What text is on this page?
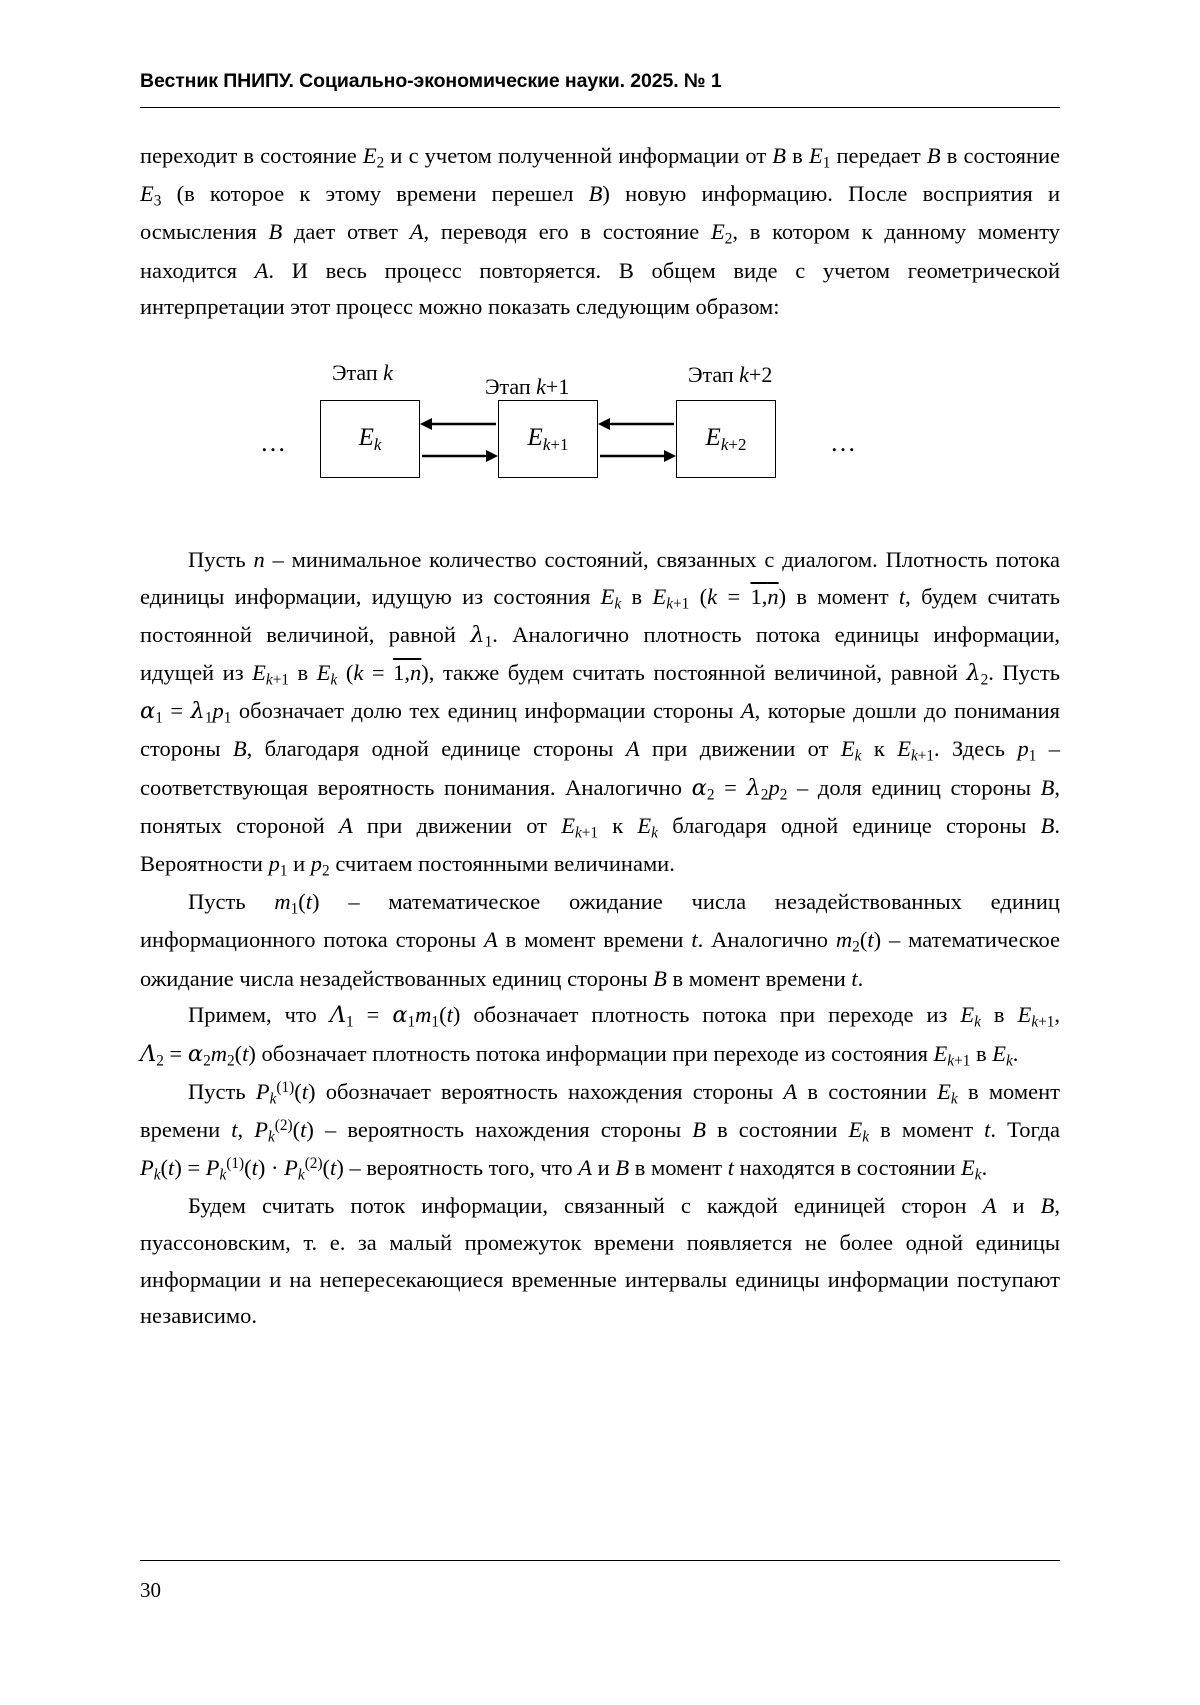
Вестник ПНИПУ. Социально-экономические науки. 2025. № 1

переходит в состояние $E_2$ и с учетом полученной информации от B в $E_1$ передает B в состояние $E_3$ (в которое к этому времени перешел B) новую информацию. После восприятия и осмысления B дает ответ A, переводя его в состояние $E_2$, в котором к данному моменту находится A. И весь процесс повторяется. В общем виде с учетом геометрической интерпретации этот процесс можно показать следующим образом:

Этап k
Этап k+1	Этап k+2
…	$E_k$	$E_{k+1}$	$E_{k+2}$	…

Пусть n – минимальное количество состояний, связанных с диалогом. Плотность потока единицы информации, идущую из состояния $E_k$ в $E_{k+1}$ (k = 1,n) в момент t, будем считать постоянной величиной, равной $\lambda_1$. Аналогично плотность потока единицы информации, идущей из $E_{k+1}$ в $E_k$ (k = 1,n), также будем считать постоянной величиной, равной $\lambda_2$. Пусть $\alpha_1 = \lambda_1p_1$ обозначает долю тех единиц информации стороны A, которые дошли до понимания стороны B, благодаря одной единице стороны A при движении от $E_k$ к $E_{k+1}$. Здесь $p_1$ – соответствующая вероятность понимания. Аналогично $\alpha_2 = \lambda_2p_2$ – доля единиц стороны B, понятых стороной A при движении от $E_{k+1}$ к $E_k$ благодаря одной единице стороны B. Вероятности $p_1$ и $p_2$ считаем постоянными величинами.

Пусть $m_1(t)$ – математическое ожидание числа незадействованных единиц информационного потока стороны A в момент времени t. Аналогично $m_2(t)$ – математическое ожидание числа незадействованных единиц стороны B в момент времени t.

Примем, что $\Lambda_1 = \alpha_1m_1(t)$ обозначает плотность потока при переходе из $E_k$ в $E_{k+1}$, $\Lambda_2 = \alpha_2m_2(t)$ обозначает плотность потока информации при переходе из состояния $E_{k+1}$ в $E_k$.

Пусть $P_k^{(1)}(t)$ обозначает вероятность нахождения стороны A в состоянии $E_k$ в момент времени t, $P_k^{(2)}(t)$ – вероятность нахождения стороны B в состоянии $E_k$ в момент t. Тогда $P_k(t) = P_k^{(1)}(t) \cdot P_k^{(2)}(t)$ – вероятность того, что A и B в момент t находятся в состоянии $E_k$.

Будем считать поток информации, связанный с каждой единицей сторон A и B, пуассоновским, т. е. за малый промежуток времени появляется не более одной единицы информации и на непересекающиеся временные интервалы единицы информации поступают независимо.

30
